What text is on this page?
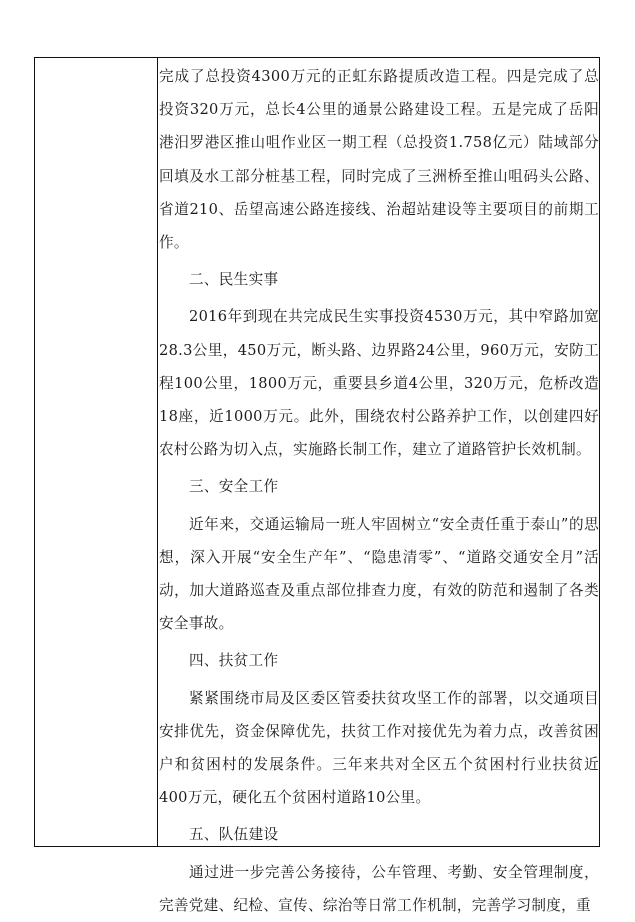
完成了总投资4300万元的正虹东路提质改造工程。四是完成了总投资320万元，总长4公里的通景公路建设工程。五是完成了岳阳港汨罗港区推山咀作业区一期工程（总投资1.758亿元）陆域部分回填及水工部分桩基工程，同时完成了三洲桥至推山咀码头公路、省道210、岳望高速公路连接线、治超站建设等主要项目的前期工作。

二、民生实事

2016年到现在共完成民生实事投资4530万元，其中窄路加宽28.3公里，450万元，断头路、边界路24公里，960万元，安防工程100公里，1800万元，重要县乡道4公里，320万元，危桥改造18座，近1000万元。此外，围绕农村公路养护工作，以创建四好农村公路为切入点，实施路长制工作，建立了道路管护长效机制。

三、安全工作

近年来，交通运输局一班人牢固树立“安全责任重于泰山”的思想，深入开展“安全生产年”、“隐患清零”、“道路交通安全月”活动，加大道路巡查及重点部位排查力度，有效的防范和遏制了各类安全事故。

四、扶贫工作

紧紧围绕市局及区委区管委扶贫攻坚工作的部署，以交通项目安排优先，资金保障优先，扶贫工作对接优先为着力点，改善贫困户和贫困村的发展条件。三年来共对全区五个贫困村行业扶贫近400万元，硬化五个贫困村道路10公里。

五、队伍建设

通过进一步完善公务接待，公车管理、考勤、安全管理制度，完善党建、纪检、宣传、综治等日常工作机制，完善学习制度，重
